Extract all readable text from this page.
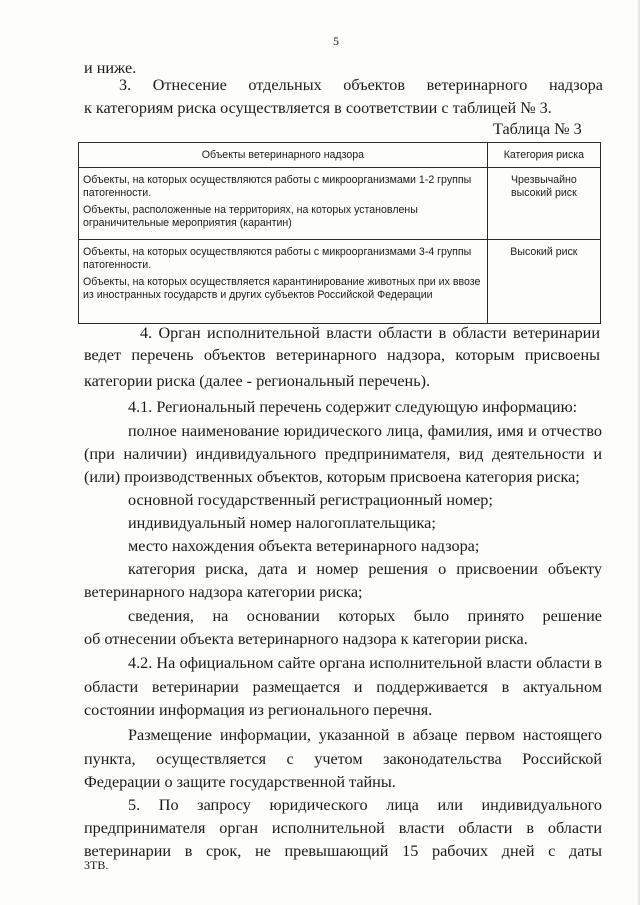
5
и ниже.
3. Отнесение отдельных объектов ветеринарного надзора
к категориям риска осуществляется в соответствии с таблицей № 3.
Таблица № 3
Объекты ветеринарного надзора	Категория риска

Объекты, на которых осуществляются работы с микроорганизмами 1-2 группы патогенности.

Объекты, расположенные на территориях, на которых установлены ограничительные мероприятия (карантин)	Чрезвычайно высокий риск

Объекты, на которых осуществляются работы с микроорганизмами 3-4 группы патогенности.

Объекты, на которых осуществляется карантинирование животных при их ввозе из иностранных государств и других субъектов Российской Федерации	Высокий риск
4. Орган исполнительной власти области в области ветеринарии
ведет перечень объектов ветеринарного надзора, которым присвоены
категории риска (далее - региональный перечень).
4.1. Региональный перечень содержит следующую информацию:
полное наименование юридического лица, фамилия, имя и отчество
(при наличии) индивидуального предпринимателя, вид деятельности и
(или) производственных объектов, которым присвоена категория риска;
основной государственный регистрационный номер;
индивидуальный номер налогоплательщика;
место нахождения объекта ветеринарного надзора;
категория риска, дата и номер решения о присвоении объекту
ветеринарного надзора категории риска;
сведения, на основании которых было принято решение
об отнесении объекта ветеринарного надзора к категории риска.
4.2. На официальном сайте органа исполнительной власти области в
области ветеринарии размещается и поддерживается в актуальном
состоянии информация из регионального перечня.
Размещение информации, указанной в абзаце первом настоящего
пункта, осуществляется с учетом законодательства Российской
Федерации о защите государственной тайны.
5. По запросу юридического лица или индивидуального
предпринимателя орган исполнительной власти области в области
ветеринарии в срок, не превышающий 15 рабочих дней с даты
3ТВ.
